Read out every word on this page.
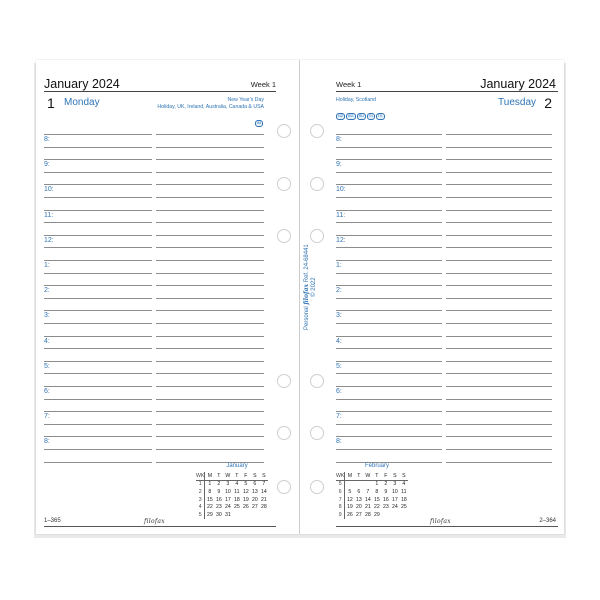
January 2024	Week 1
1 Monday	New Year's Day
Holiday, UK, Ireland, Australia, Canada & USA
IM
8:
9:
10:
11:
12:
1:
2:
3:
4:
5:
6:
7:
8:
January
WK	M	T	W	T	F	S	S
1	1	2	3	4	5	6	7
2	8	9	10	11	12	13	14
3	15	16	17	18	19	20	21
4	22	23	24	25	26	27	28
5	29	30	31				
1–365	filofax
Week 1	January 2024
Holiday, Scotland
NZ BG RU SI TK
Tuesday 2
8:
9:
10:
11:
12:
1:
2:
3:
4:
5:
6:
7:
8:
February
WK	M	T	W	T	F	S	S
5				1	2	3	4
6	5	6	7	8	9	10	11
7	12	13	14	15	16	17	18
8	19	20	21	22	23	24	25
9	26	27	28	29			
filofax	2–364
Personal filofax Ref. 24-68441
© 2022
